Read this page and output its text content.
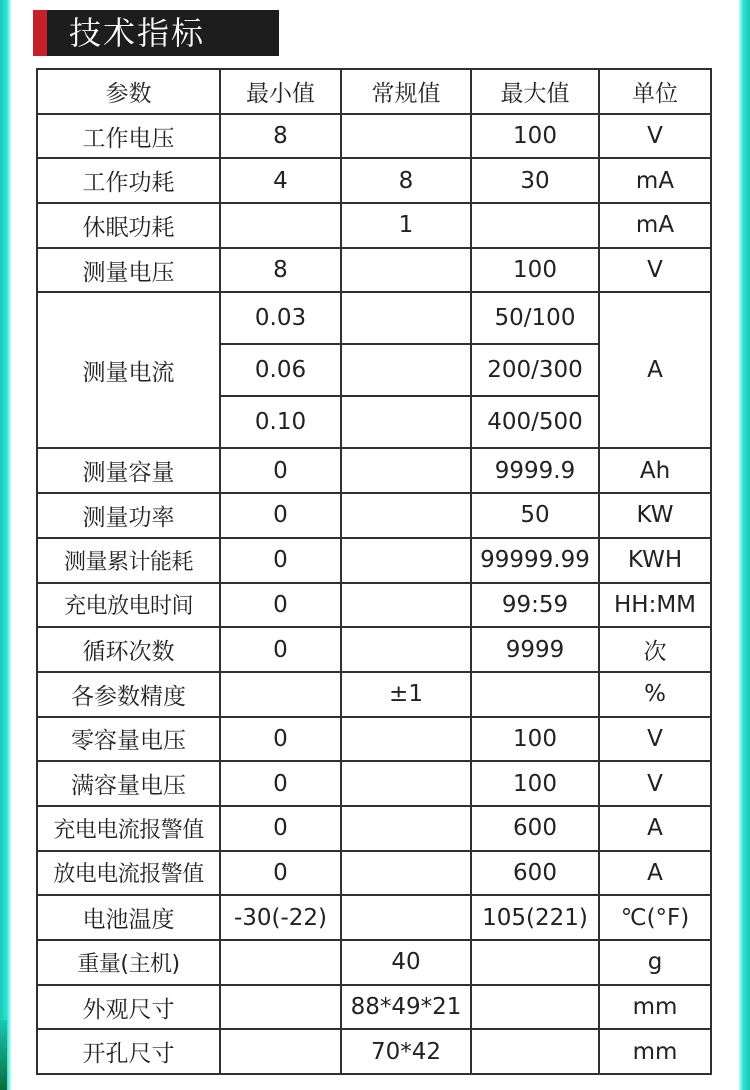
技术指标
参数	最小值	常规值	最大值	单位
工作电压	8		100	V
工作功耗	4	8	30	mA
休眠功耗		1		mA
测量电压	8		100	V
测量电流	0.03		50/100	A
	0.06		200/300	
	0.10		400/500	
测量容量	0		9999.9	Ah
测量功率	0		50	KW
测量累计能耗	0		99999.99	KWH
充电放电时间	0		99:59	HH:MM
循环次数	0		9999	次
各参数精度		±1		%
零容量电压	0		100	V
满容量电压	0		100	V
充电电流报警值	0		600	A
放电电流报警值	0		600	A
电池温度	-30(-22)		105(221)	℃(°F)
重量(主机)		40		g
外观尺寸		88*49*21		mm
开孔尺寸		70*42		mm
